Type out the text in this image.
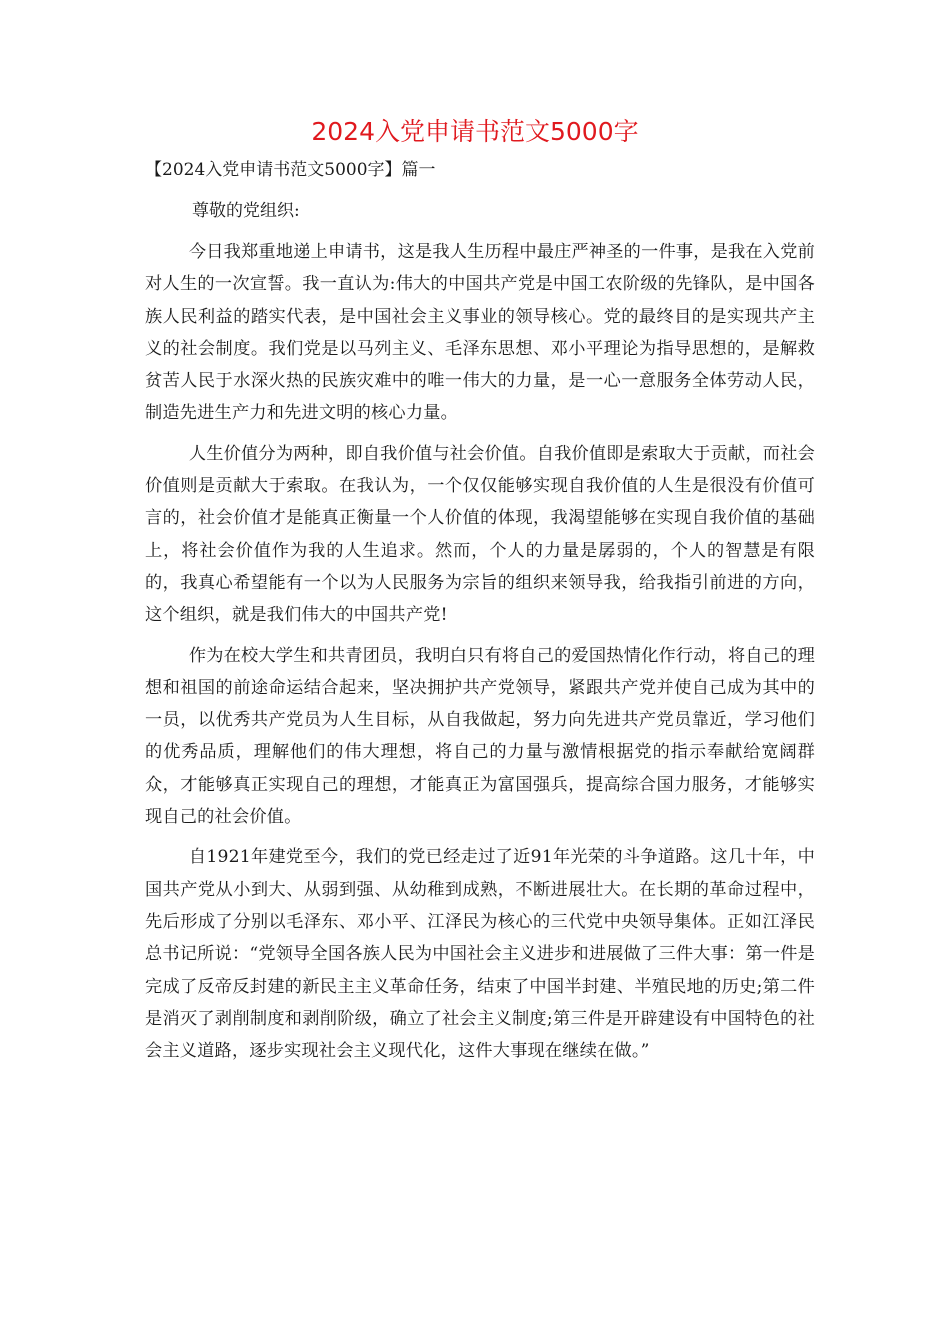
2024入党申请书范文5000字
【2024入党申请书范文5000字】篇一
尊敬的党组织:

今日我郑重地递上申请书，这是我人生历程中最庄严神圣的一件事，是我在入党前对人生的一次宣誓。我一直认为:伟大的中国共产党是中国工农阶级的先锋队，是中国各族人民利益的踏实代表，是中国社会主义事业的领导核心。党的最终目的是实现共产主义的社会制度。我们党是以马列主义、毛泽东思想、邓小平理论为指导思想的，是解救贫苦人民于水深火热的民族灾难中的唯一伟大的力量，是一心一意服务全体劳动人民，制造先进生产力和先进文明的核心力量。

人生价值分为两种，即自我价值与社会价值。自我价值即是索取大于贡献，而社会价值则是贡献大于索取。在我认为，一个仅仅能够实现自我价值的人生是很没有价值可言的，社会价值才是能真正衡量一个人价值的体现，我渴望能够在实现自我价值的基础上，将社会价值作为我的人生追求。然而，个人的力量是孱弱的，个人的智慧是有限的，我真心希望能有一个以为人民服务为宗旨的组织来领导我，给我指引前进的方向，这个组织，就是我们伟大的中国共产党!

作为在校大学生和共青团员，我明白只有将自己的爱国热情化作行动，将自己的理想和祖国的前途命运结合起来，坚决拥护共产党领导，紧跟共产党并使自己成为其中的一员，以优秀共产党员为人生目标，从自我做起，努力向先进共产党员靠近，学习他们的优秀品质，理解他们的伟大理想，将自己的力量与激情根据党的指示奉献给宽阔群众，才能够真正实现自己的理想，才能真正为富国强兵，提高综合国力服务，才能够实现自己的社会价值。

自1921年建党至今，我们的党已经走过了近91年光荣的斗争道路。这几十年，中国共产党从小到大、从弱到强、从幼稚到成熟，不断进展壮大。在长期的革命过程中，先后形成了分别以毛泽东、邓小平、江泽民为核心的三代党中央领导集体。正如江泽民总书记所说：“党领导全国各族人民为中国社会主义进步和进展做了三件大事：第一件是完成了反帝反封建的新民主主义革命任务，结束了中国半封建、半殖民地的历史;第二件是消灭了剥削制度和剥削阶级，确立了社会主义制度;第三件是开辟建设有中国特色的社会主义道路，逐步实现社会主义现代化，这件大事现在继续在做。”
